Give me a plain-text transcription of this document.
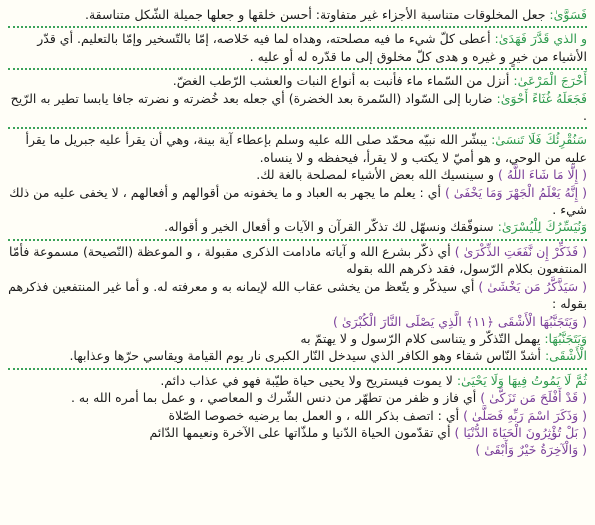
فَسَوَّىٰ: جعل المخلوقات متناسبة الأجزاء غير متفاوتة: أحسن خلقها و جعلها جميلة الشّكل متناسقة.
و الذي قَدَّرَ فَهَدَىٰ: أعطى كلّ شيء ما فيه مصلحته، وهداه لما فيه خَلاصه، إمّا بالتّسخير وإمّا بالتعليم. أي قدّر الأشياء من خيرٍ و غيره و هدى كلّ مخلوق إلى ما قدّره له أو عليه .
أَخْرَجَ الْمَرْعَىٰ: أنزل من السّماء ماء فأنبت به أنواع النبات والعشب الرّطب الغضّ.
فَجَعَلَهُ غُثَاءً أَحْوَىٰ: ضاربا إلى السّواد (السّمرة بعد الخضرة) أي جعله بعد خُضرته و نضرته جافا يابسا تطير به الرّيح .
سَنُقْرِئُكَ فَلَا تَنسَىٰ: يبشّر الله نبيّه محمّد صلى الله عليه وسلم بإعطاء آية بينة، وهي أن يقرأ عليه جبريل ما يقرأ عليه من الوحي، و هو أميّ لا يكتب و لا يقرأ، فيحفظه و لا ينساه.
( إِلَّا مَا شَاءَ اللَّهُ ) و سينسيك الله بعض الأشياء لمصلحة بالغة لك.
( إِنَّهُ يَعْلَمُ الْجَهْرَ وَمَا يَخْفَىٰ ) أي : يعلم ما يجهر به العباد و ما يخفونه من أقوالهم و أفعالهم ، لا يخفى عليه من ذلك شيء .
وَنُيَسِّرُكَ لِلْيُسْرَىٰ: سنوفّقك ونسهّل لك تذكّر القرآن و الآيات و أفعال الخير و أقواله.
( فَذَكِّرْ إِن نَّفَعَتِ الذِّكْرَىٰ ) أي ذكّر بشرع الله و آياته مادامت الذكرى مقبولة ، و الموعظة (النّصيحة) مسموعة فأمّا المنتفعون بكلام الرّسول، فقد ذكرهم الله بقوله
( سَيَذَّكَّرُ مَن يَخْشَىٰ ) أي سيذكّر و يتّعظ من يخشى عقاب الله لإيمانه به و معرفته له. و أما غير المنتفعين فذكرهم بقوله :
( وَيَتَجَنَّبُهَا الْأَشْقَى ﴿١١﴾ الَّذِي يَصْلَى النَّارَ الْكُبْرَىٰ )
وَيَتَجَنَّبُهَا: يهمل التّذكّر و يتناسى كلام الرّسول و لا يهتمّ به
الْأَشْقَى: أشدّ النّاس شقاء وهو الكافر الذي سيدخل النّار الكبرى نار يوم القيامة ويقاسي حرّها وعذابها.
ثُمَّ لَا يَمُوتُ فِيهَا وَلَا يَحْيَىٰ: لا يموت فيستريح ولا يحيى حياة طيّبة فهو في عذاب دائم.
( قَدْ أَفْلَحَ مَن تَزَكَّىٰ ) أي فاز و ظفر من تطهّر من دنس الشّرك و المعاصي ، و عمل بما أمره الله به .
( وَذَكَرَ اسْمَ رَبِّهِ فَصَلَّىٰ ) أي : اتصف بذكر الله ، و العمل بما يرضيه خصوصا الصّلاة
( بَلْ تُؤْثِرُونَ الْحَيَاةَ الدُّنْيَا ) أي تقدّمون الحياة الدّنيا و ملذّاتها على الآخرة ونعيمها الدّائم
( وَالْآخِرَةُ خَيْرٌ وَأَبْقَىٰ )
